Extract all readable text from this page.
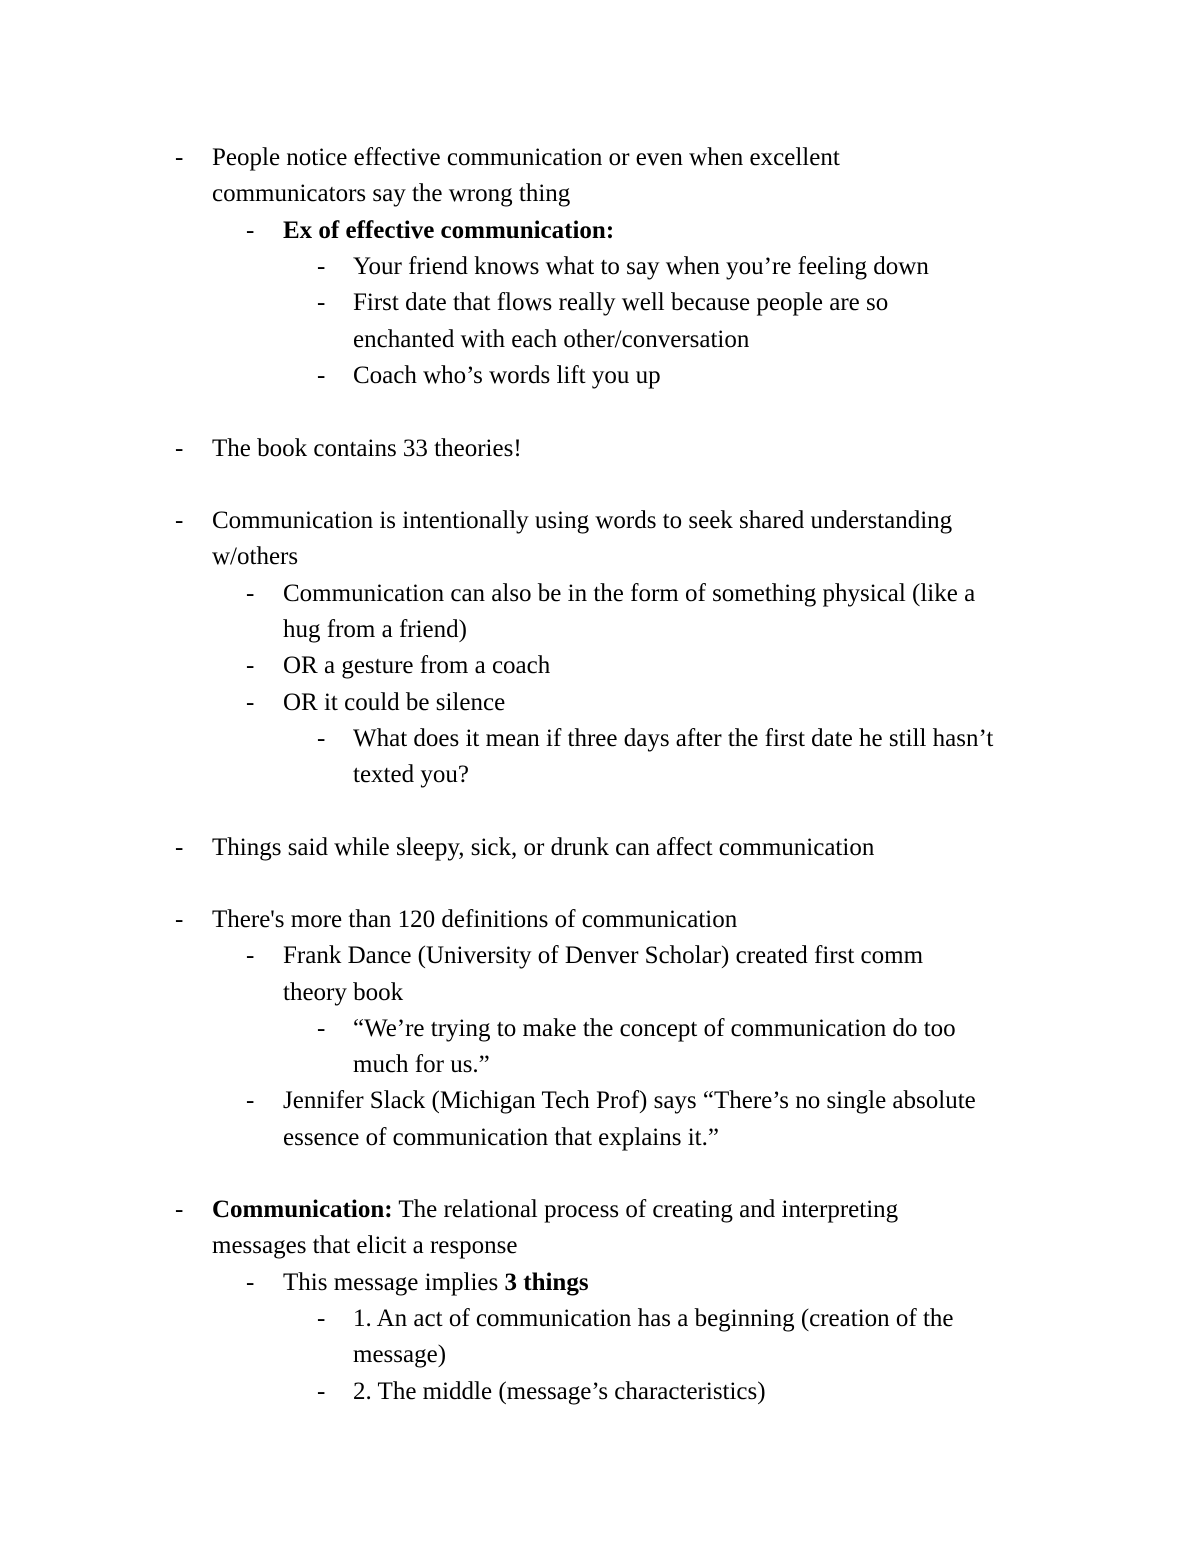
- People notice effective communication or even when excellent
communicators say the wrong thing
- Ex of effective communication:
- Your friend knows what to say when you’re feeling down
- First date that flows really well because people are so
enchanted with each other/conversation
- Coach who’s words lift you up
- The book contains 33 theories!
- Communication is intentionally using words to seek shared understanding
w/others
- Communication can also be in the form of something physical (like a
hug from a friend)
- OR a gesture from a coach
- OR it could be silence
- What does it mean if three days after the first date he still hasn’t
texted you?
- Things said while sleepy, sick, or drunk can affect communication
- There's more than 120 definitions of communication
- Frank Dance (University of Denver Scholar) created first comm
theory book
- “We’re trying to make the concept of communication do too
much for us.”
- Jennifer Slack (Michigan Tech Prof) says “There’s no single absolute
essence of communication that explains it.”
- Communication: The relational process of creating and interpreting
messages that elicit a response
- This message implies 3 things
- 1. An act of communication has a beginning (creation of the
message)
- 2. The middle (message’s characteristics)
